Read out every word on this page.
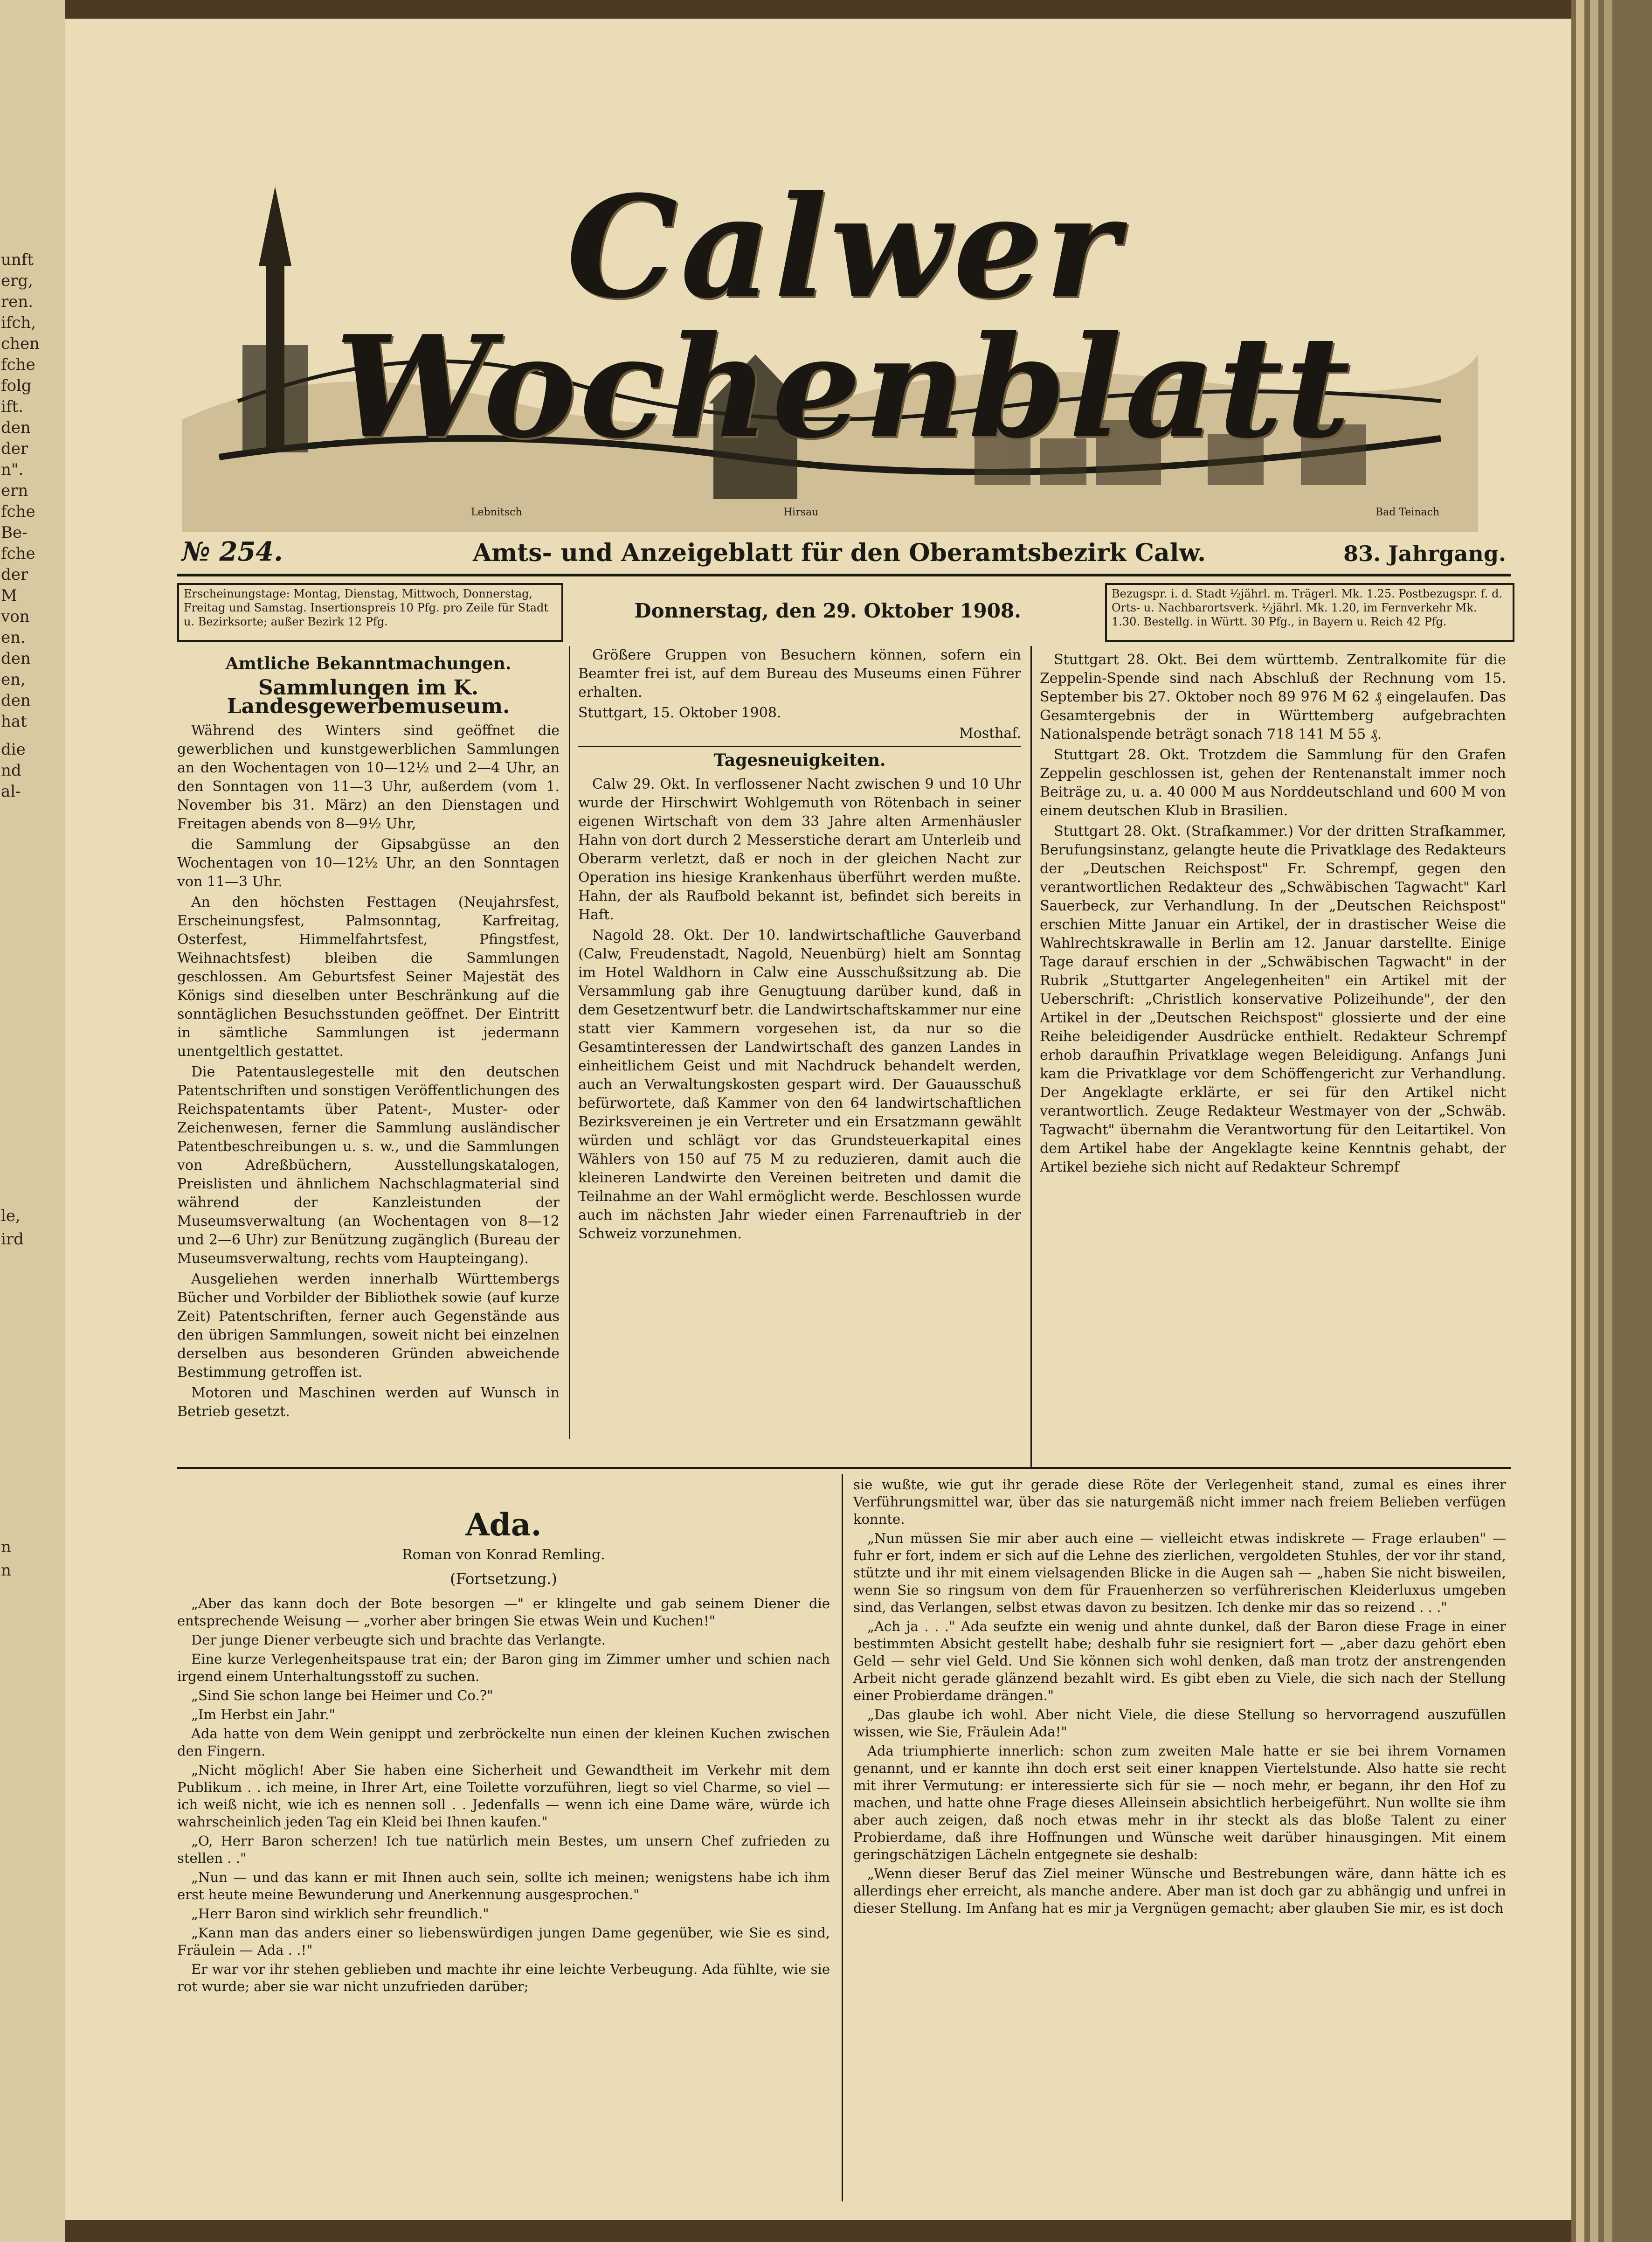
unft
erg,
ren.
ifch,
chen
fche
folg
ift.
den
der
n".
ern
fche
Be-
fche
der
M
von
en.
den
en,
den
hat
die
nd
al-
le,
ird
n
n
Lebnitsch	Hirsau	Bad Teinach
Calwer Wochenblatt
№ 254.	Amts- und Anzeigeblatt für den Oberamtsbezirk Calw.	83. Jahrgang.
Erscheinungstage: Montag, Dienstag, Mittwoch, Donnerstag, Freitag und Samstag. Insertionspreis 10 Pfg. pro Zeile für Stadt u. Bezirksorte; außer Bezirk 12 Pfg.	Donnerstag, den 29. Oktober 1908.
Bezugspr. i. d. Stadt ½jährl. m. Trägerl. Mk. 1.25. Postbezugspr. f. d. Orts- u. Nachbarortsverk. ½jährl. Mk. 1.20, im Fernverkehr Mk. 1.30. Bestellg. in Württ. 30 Pfg., in Bayern u. Reich 42 Pfg.
Amtliche Bekanntmachungen.
Sammlungen im K. Landesgewerbemuseum.

Während des Winters sind geöffnet die gewerblichen und kunstgewerblichen Sammlungen an den Wochentagen von 10—12½ und 2—4 Uhr, an den Sonntagen von 11—3 Uhr, außerdem (vom 1. November bis 31. März) an den Dienstagen und Freitagen abends von 8—9½ Uhr,

die Sammlung der Gipsabgüsse an den Wochentagen von 10—12½ Uhr, an den Sonntagen von 11—3 Uhr.

An den höchsten Festtagen (Neujahrsfest, Erscheinungsfest, Palmsonntag, Karfreitag, Osterfest, Himmelfahrtsfest, Pfingstfest, Weihnachtsfest) bleiben die Sammlungen geschlossen. Am Geburtsfest Seiner Majestät des Königs sind dieselben unter Beschränkung auf die sonntäglichen Besuchsstunden geöffnet. Der Eintritt in sämtliche Sammlungen ist jedermann unentgeltlich gestattet.

Die Patentauslegestelle mit den deutschen Patentschriften und sonstigen Veröffentlichungen des Reichspatentamts über Patent-, Muster- oder Zeichenwesen, ferner die Sammlung ausländischer Patentbeschreibungen u. s. w., und die Sammlungen von Adreßbüchern, Ausstellungskatalogen, Preislisten und ähnlichem Nachschlagmaterial sind während der Kanzleistunden der Museumsverwaltung (an Wochentagen von 8—12 und 2—6 Uhr) zur Benützung zugänglich (Bureau der Museumsverwaltung, rechts vom Haupteingang).

Ausgeliehen werden innerhalb Württembergs Bücher und Vorbilder der Bibliothek sowie (auf kurze Zeit) Patentschriften, ferner auch Gegenstände aus den übrigen Sammlungen, soweit nicht bei einzelnen derselben aus besonderen Gründen abweichende Bestimmung getroffen ist.

Motoren und Maschinen werden auf Wunsch in Betrieb gesetzt.

Größere Gruppen von Besuchern können, sofern ein Beamter frei ist, auf dem Bureau des Museums einen Führer erhalten.

Stuttgart, 15. Oktober 1908.

Mosthaf.
Tagesneuigkeiten.

Calw 29. Okt. In verflossener Nacht zwischen 9 und 10 Uhr wurde der Hirschwirt Wohlgemuth von Rötenbach in seiner eigenen Wirtschaft von dem 33 Jahre alten Armenhäusler Hahn von dort durch 2 Messerstiche derart am Unterleib und Oberarm verletzt, daß er noch in der gleichen Nacht zur Operation ins hiesige Krankenhaus überführt werden mußte. Hahn, der als Raufbold bekannt ist, befindet sich bereits in Haft.

Nagold 28. Okt. Der 10. landwirtschaftliche Gauverband (Calw, Freudenstadt, Nagold, Neuenbürg) hielt am Sonntag im Hotel Waldhorn in Calw eine Ausschußsitzung ab. Die Versammlung gab ihre Genugtuung darüber kund, daß in dem Gesetzentwurf betr. die Landwirtschaftskammer nur eine statt vier Kammern vorgesehen ist, da nur so die Gesamtinteressen der Landwirtschaft des ganzen Landes in einheitlichem Geist und mit Nachdruck behandelt werden, auch an Verwaltungskosten gespart wird. Der Gauausschuß befürwortete, daß Kammer von den 64 landwirtschaftlichen Bezirksvereinen je ein Vertreter und ein Ersatzmann gewählt würden und schlägt vor das Grundsteuerkapital eines Wählers von 150 auf 75 M zu reduzieren, damit auch die kleineren Landwirte den Vereinen beitreten und damit die Teilnahme an der Wahl ermöglicht werde. Beschlossen wurde auch im nächsten Jahr wieder einen Farrenauftrieb in der Schweiz vorzunehmen.

Stuttgart 28. Okt. Bei dem württemb. Zentralkomite für die Zeppelin-Spende sind nach Abschluß der Rechnung vom 15. September bis 27. Oktober noch 89 976 M 62 ₰ eingelaufen. Das Gesamtergebnis der in Württemberg aufgebrachten Nationalspende beträgt sonach 718 141 M 55 ₰.

Stuttgart 28. Okt. Trotzdem die Sammlung für den Grafen Zeppelin geschlossen ist, gehen der Rentenanstalt immer noch Beiträge zu, u. a. 40 000 M aus Norddeutschland und 600 M von einem deutschen Klub in Brasilien.

Stuttgart 28. Okt. (Strafkammer.) Vor der dritten Strafkammer, Berufungsinstanz, gelangte heute die Privatklage des Redakteurs der „Deutschen Reichspost" Fr. Schrempf, gegen den verantwortlichen Redakteur des „Schwäbischen Tagwacht" Karl Sauerbeck, zur Verhandlung. In der „Deutschen Reichspost" erschien Mitte Januar ein Artikel, der in drastischer Weise die Wahlrechtskrawalle in Berlin am 12. Januar darstellte. Einige Tage darauf erschien in der „Schwäbischen Tagwacht" in der Rubrik „Stuttgarter Angelegenheiten" ein Artikel mit der Ueberschrift: „Christlich konservative Polizeihunde", der den Artikel in der „Deutschen Reichspost" glossierte und der eine Reihe beleidigender Ausdrücke enthielt. Redakteur Schrempf erhob daraufhin Privatklage wegen Beleidigung. Anfangs Juni kam die Privatklage vor dem Schöffengericht zur Verhandlung. Der Angeklagte erklärte, er sei für den Artikel nicht verantwortlich. Zeuge Redakteur Westmayer von der „Schwäb. Tagwacht" übernahm die Verantwortung für den Leitartikel. Von dem Artikel habe der Angeklagte keine Kenntnis gehabt, der Artikel beziehe sich nicht auf Redakteur Schrempf

Ada.
Roman von Konrad Remling.
(Fortsetzung.)

„Aber das kann doch der Bote besorgen —" er klingelte und gab seinem Diener die entsprechende Weisung — „vorher aber bringen Sie etwas Wein und Kuchen!"

Der junge Diener verbeugte sich und brachte das Verlangte.

Eine kurze Verlegenheitspause trat ein; der Baron ging im Zimmer umher und schien nach irgend einem Unterhaltungsstoff zu suchen.

„Sind Sie schon lange bei Heimer und Co.?"

„Im Herbst ein Jahr."

Ada hatte von dem Wein genippt und zerbröckelte nun einen der kleinen Kuchen zwischen den Fingern.

„Nicht möglich! Aber Sie haben eine Sicherheit und Gewandtheit im Verkehr mit dem Publikum . . ich meine, in Ihrer Art, eine Toilette vorzuführen, liegt so viel Charme, so viel — ich weiß nicht, wie ich es nennen soll . . Jedenfalls — wenn ich eine Dame wäre, würde ich wahrscheinlich jeden Tag ein Kleid bei Ihnen kaufen."

„O, Herr Baron scherzen! Ich tue natürlich mein Bestes, um unsern Chef zufrieden zu stellen . ."

„Nun — und das kann er mit Ihnen auch sein, sollte ich meinen; wenigstens habe ich ihm erst heute meine Bewunderung und Anerkennung ausgesprochen."

„Herr Baron sind wirklich sehr freundlich."

„Kann man das anders einer so liebenswürdigen jungen Dame gegenüber, wie Sie es sind, Fräulein — Ada . .!"

Er war vor ihr stehen geblieben und machte ihr eine leichte Verbeugung. Ada fühlte, wie sie rot wurde; aber sie war nicht unzufrieden darüber;

sie wußte, wie gut ihr gerade diese Röte der Verlegenheit stand, zumal es eines ihrer Verführungsmittel war, über das sie naturgemäß nicht immer nach freiem Belieben verfügen konnte.

„Nun müssen Sie mir aber auch eine — vielleicht etwas indiskrete — Frage erlauben" — fuhr er fort, indem er sich auf die Lehne des zierlichen, vergoldeten Stuhles, der vor ihr stand, stützte und ihr mit einem vielsagenden Blicke in die Augen sah — „haben Sie nicht bisweilen, wenn Sie so ringsum von dem für Frauenherzen so verführerischen Kleiderluxus umgeben sind, das Verlangen, selbst etwas davon zu besitzen. Ich denke mir das so reizend . . ."

„Ach ja . . ." Ada seufzte ein wenig und ahnte dunkel, daß der Baron diese Frage in einer bestimmten Absicht gestellt habe; deshalb fuhr sie resigniert fort — „aber dazu gehört eben Geld — sehr viel Geld. Und Sie können sich wohl denken, daß man trotz der anstrengenden Arbeit nicht gerade glänzend bezahlt wird. Es gibt eben zu Viele, die sich nach der Stellung einer Probierdame drängen."

„Das glaube ich wohl. Aber nicht Viele, die diese Stellung so hervorragend auszufüllen wissen, wie Sie, Fräulein Ada!"

Ada triumphierte innerlich: schon zum zweiten Male hatte er sie bei ihrem Vornamen genannt, und er kannte ihn doch erst seit einer knappen Viertelstunde. Also hatte sie recht mit ihrer Vermutung: er interessierte sich für sie — noch mehr, er begann, ihr den Hof zu machen, und hatte ohne Frage dieses Alleinsein absichtlich herbeigeführt. Nun wollte sie ihm aber auch zeigen, daß noch etwas mehr in ihr steckt als das bloße Talent zu einer Probierdame, daß ihre Hoffnungen und Wünsche weit darüber hinausgingen. Mit einem geringschätzigen Lächeln entgegnete sie deshalb:

„Wenn dieser Beruf das Ziel meiner Wünsche und Bestrebungen wäre, dann hätte ich es allerdings eher erreicht, als manche andere. Aber man ist doch gar zu abhängig und unfrei in dieser Stellung. Im Anfang hat es mir ja Vergnügen gemacht; aber glauben Sie mir, es ist doch
